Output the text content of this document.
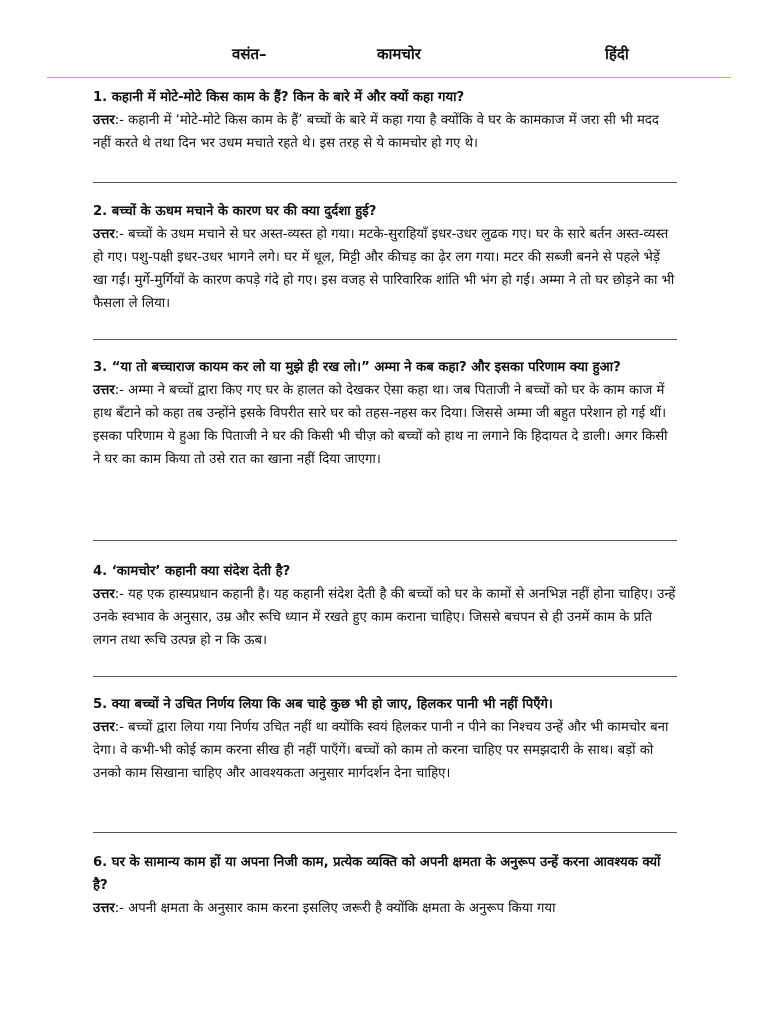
वसंत–	कामचोर	हिंदी

1. कहानी में मोटे-मोटे किस काम के हैं? किन के बारे में और क्यों कहा गया?

उत्तर:- कहानी में ‘मोटे-मोटे किस काम के हैं’ बच्चों के बारे में कहा गया है क्योंकि वे घर के कामकाज में जरा सी भी मदद नहीं करते थे तथा दिन भर उधम मचाते रहते थे। इस तरह से ये कामचोर हो गए थे।

2. बच्चों के ऊधम मचाने के कारण घर की क्या दुर्दशा हुई?

उत्तर:- बच्चों के उधम मचाने से घर अस्त-व्यस्त हो गया। मटके-सुराहियाँ इधर-उधर लुढक गए। घर के सारे बर्तन अस्त-व्यस्त हो गए। पशु-पक्षी इधर-उधर भागने लगे। घर में धूल, मिट्टी और कीचड़ का ढ़ेर लग गया। मटर की सब्जी बनने से पहले भेड़ें खा गईं। मुर्गे-मुर्गियों के कारण कपड़े गंदे हो गए। इस वजह से पारिवारिक शांति भी भंग हो गई। अम्मा ने तो घर छोड़ने का भी फैसला ले लिया।

3. “या तो बच्चाराज कायम कर लो या मुझे ही रख लो।” अम्मा ने कब कहा? और इसका परिणाम क्या हुआ?

उत्तर:- अम्मा ने बच्चों द्वारा किए गए घर के हालत को देखकर ऐसा कहा था। जब पिताजी ने बच्चों को घर के काम काज में हाथ बँटाने को कहा तब उन्होंने इसके विपरीत सारे घर को तहस-नहस कर दिया। जिससे अम्मा जी बहुत परेशान हो गई थीं। इसका परिणाम ये हुआ कि पिताजी ने घर की किसी भी चीज़ को बच्चों को हाथ ना लगाने कि हिदायत दे डाली। अगर किसी ने घर का काम किया तो उसे रात का खाना नहीं दिया जाएगा।

4. ‘कामचोर’ कहानी क्या संदेश देती है?

उत्तर:- यह एक हास्यप्रधान कहानी है। यह कहानी संदेश देती है की बच्चों को घर के कामों से अनभिज्ञ नहीं होना चाहिए। उन्हें उनके स्वभाव के अनुसार, उम्र और रूचि ध्यान में रखते हुए काम कराना चाहिए। जिससे बचपन से ही उनमें काम के प्रति लगन तथा रूचि उत्पन्न हो न कि ऊब।

5. क्या बच्चों ने उचित निर्णय लिया कि अब चाहे कुछ भी हो जाए, हिलकर पानी भी नहीं पिएँगे।

उत्तर:- बच्चों द्वारा लिया गया निर्णय उचित नहीं था क्योंकि स्वयं हिलकर पानी न पीने का निश्चय उन्हें और भी कामचोर बना देगा। वे कभी-भी कोई काम करना सीख ही नहीं पाएँगें। बच्चों को काम तो करना चाहिए पर समझदारी के साथ। बड़ों को उनको काम सिखाना चाहिए और आवश्यकता अनुसार मार्गदर्शन देना चाहिए।

6. घर के सामान्य काम हों या अपना निजी काम, प्रत्येक व्यक्ति को अपनी क्षमता के अनुरूप उन्हें करना आवश्यक क्यों है?

उत्तर:- अपनी क्षमता के अनुसार काम करना इसलिए जरूरी है क्योंकि क्षमता के अनुरूप किया गया
